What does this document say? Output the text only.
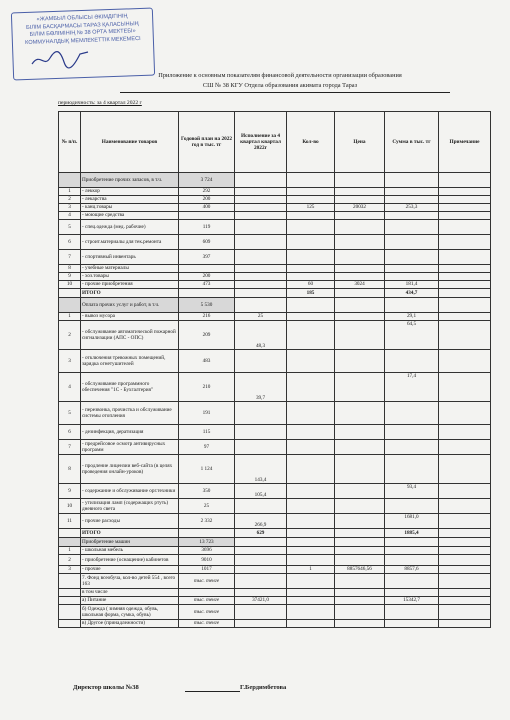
«ЖАМБЫЛ ОБЛЫСЫ ӘКІМДІГІНІҢ
БІЛІМ БАСҚАРМАСЫ ТАРАЗ ҚАЛАСЫНЫҢ
БІЛІМ БӨЛІМІНІҢ № 38 ОРТА МЕКТЕБІ»
КОММУНАЛДЫҚ МЕМЛЕКЕТТІК МЕКЕМЕСІ
Приложение к основным показателям финансовой деятельности организации образования
СШ № 38 КГУ Отдела образования акимата города Тараз
периодичность: за 4 квартал 2022 г
№ п/п.	Наименование товаров	Годовой план на 2022 год в тыс. тг	Исполнение за 4 квартал квартал 2022г	Кол-во	Цена	Сумма в тыс. тг	Примечание
	Приобретение прочих запасов, в т.ч.	3 724					
1	- леккор	292					
2	- лекарства	200					
3	- канц.товары	400		125	20032	253,3	
4	- моющие средства						
5	- спец.одежда (мед. рабочие)	119					
6	- строит.материалы для тек.ремонта	609					
7	- спортивный инвентарь	397					
8	- учебные материалы						
9	- хоз.товары	200					
10	- прочие приобретения	473		60	3024	181,4	
	ИТОГО			185		434,7	
	Оплата прочих услуг и работ, в т.ч.	5 530					
1	- вывоз мусора	216	25			29,1	
2	- обслуживание автоматической пожарной сигнализации (АПС - ОПС)	209	48,3			64,5	
3	- отключения тревожных помещений, зарядка огнетушителей	483					
4	- обслуживание программного обеспечения "1С - Бухгалтерия"	210	39,7			17,4	
5	- перезвонка, прочистка и обслуживание системы отопления	191					
6	- дезинфекция, дератизация	115					
7	- предрейсовое осмотр антивирусных программ	97					
8	- продление лицензии веб-сайта (в целях проведения онлайн-уроков)	1 124	143,4				
9	- содержание и обслуживание орг.техники	350	105,4			93,4	
10	- утилизация ламп (содержащих ртуть) дневного света	25					
11	- прочие расходы	2 332	266,9			1681,0	
	ИТОГО		629			1885,4	
	Приобретение машин	13 723					
1	- школьная мебель	3696					
2	- приобретение (оснащение) кабинетов	9010					
3	- прочие	1017		1	8857646,56	8857,6	
	7. Фонд всеобуча, кол-во детей 554 , всего 163	тыс. тенге					
	в том числе						
	а) Питание	тыс. тенге	37421,0			15342,7	
	б) Одежда ( зимняя одежда, обувь, школьная форма, сумка, обувь)	тыс. тенге					
	в) Другое (принадлежности)	тыс. тенге					
Директор школы №38	Г.Бердимбетова
